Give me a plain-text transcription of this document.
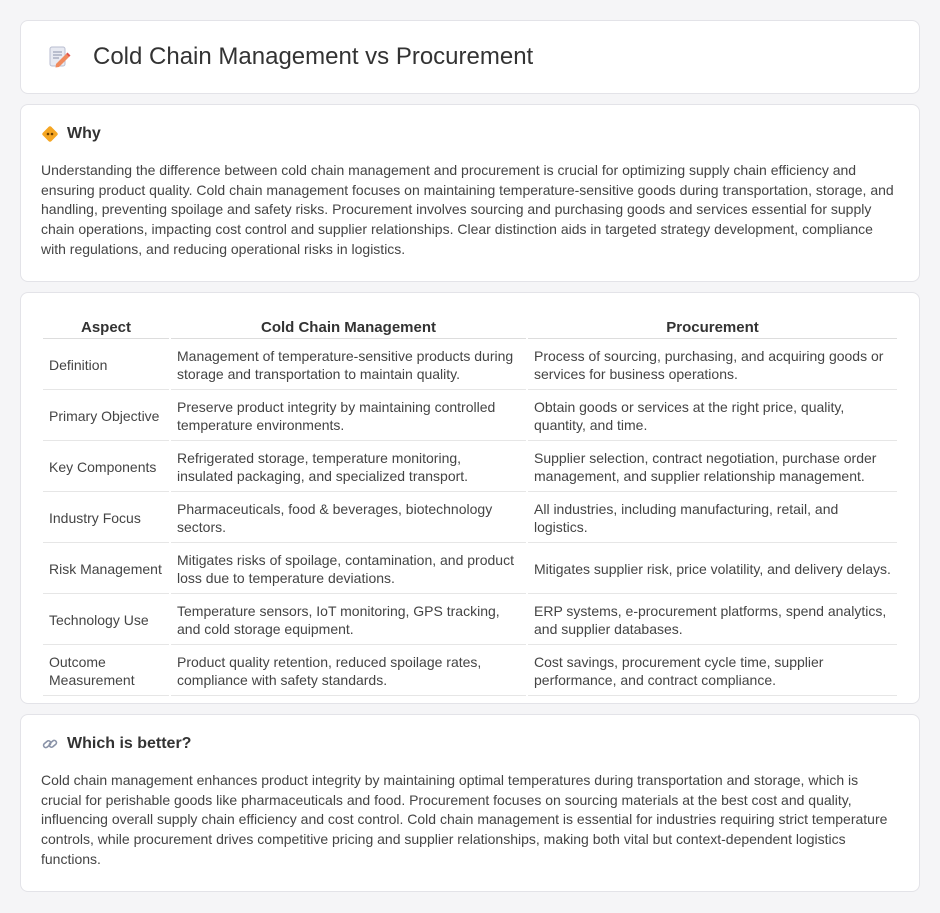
Cold Chain Management vs Procurement
Why

Understanding the difference between cold chain management and procurement is crucial for optimizing supply chain efficiency and ensuring product quality. Cold chain management focuses on maintaining temperature-sensitive goods during transportation, storage, and handling, preventing spoilage and safety risks. Procurement involves sourcing and purchasing goods and services essential for supply chain operations, impacting cost control and supplier relationships. Clear distinction aids in targeted strategy development, compliance with regulations, and reducing operational risks in logistics.

Aspect	Cold Chain Management	Procurement
Definition	Management of temperature-sensitive products during storage and transportation to maintain quality.	Process of sourcing, purchasing, and acquiring goods or services for business operations.
Primary Objective	Preserve product integrity by maintaining controlled temperature environments.	Obtain goods or services at the right price, quality, quantity, and time.
Key Components	Refrigerated storage, temperature monitoring, insulated packaging, and specialized transport.	Supplier selection, contract negotiation, purchase order management, and supplier relationship management.
Industry Focus	Pharmaceuticals, food & beverages, biotechnology sectors.	All industries, including manufacturing, retail, and logistics.
Risk Management	Mitigates risks of spoilage, contamination, and product loss due to temperature deviations.	Mitigates supplier risk, price volatility, and delivery delays.
Technology Use	Temperature sensors, IoT monitoring, GPS tracking, and cold storage equipment.	ERP systems, e-procurement platforms, spend analytics, and supplier databases.
Outcome Measurement	Product quality retention, reduced spoilage rates, compliance with safety standards.	Cost savings, procurement cycle time, supplier performance, and contract compliance.
Which is better?

Cold chain management enhances product integrity by maintaining optimal temperatures during transportation and storage, which is crucial for perishable goods like pharmaceuticals and food. Procurement focuses on sourcing materials at the best cost and quality, influencing overall supply chain efficiency and cost control. Cold chain management is essential for industries requiring strict temperature controls, while procurement drives competitive pricing and supplier relationships, making both vital but context-dependent logistics functions.
